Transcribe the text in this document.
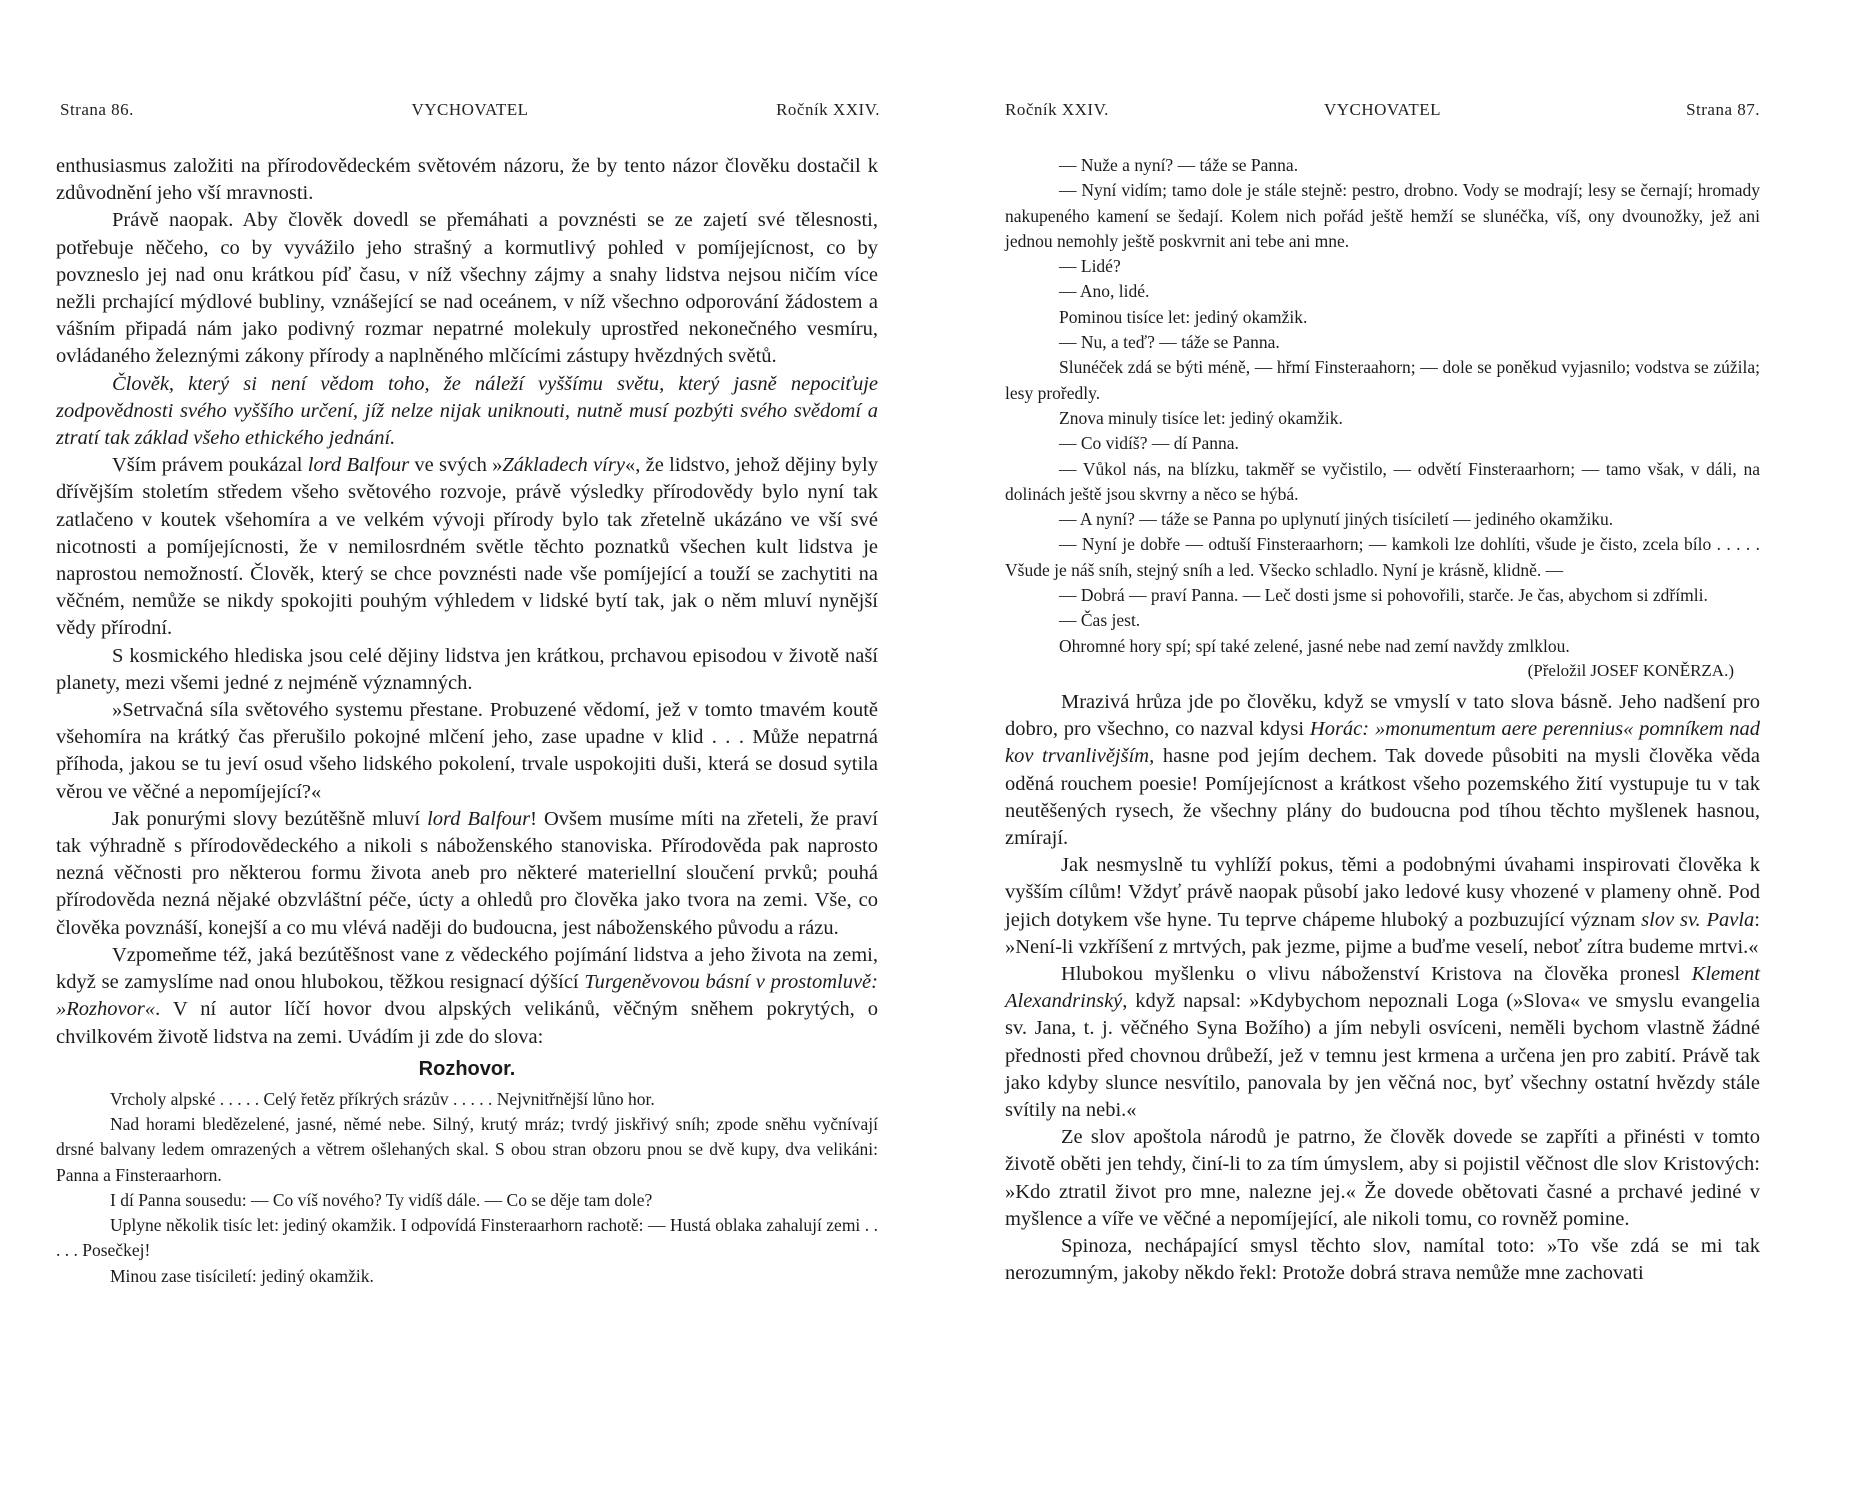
Strana 86.	VYCHOVATEL	Ročník XXIV.

enthusiasmus založiti na přírodovědeckém světovém názoru, že by tento názor člověku dostačil k zdůvodnění jeho vší mravnosti.

Právě naopak. Aby člověk dovedl se přemáhati a povznésti se ze zajetí své tělesnosti, potřebuje něčeho, co by vyvážilo jeho strašný a kormutlivý pohled v pomíjejícnost, co by povzneslo jej nad onu krátkou píď času, v níž všechny zájmy a snahy lidstva nejsou ničím více nežli prchající mýdlové bubliny, vznášející se nad oceánem, v níž všechno odporování žádostem a vášním připadá nám jako podivný rozmar nepatrné molekuly uprostřed nekonečného vesmíru, ovládaného železnými zákony přírody a naplněného mlčícími zástupy hvězdných světů.

Člověk, který si není vědom toho, že náleží vyššímu světu, který jasně nepociťuje zodpovědnosti svého vyššího určení, jíž nelze nijak uniknouti, nutně musí pozbýti svého svědomí a ztratí tak základ všeho ethického jednání.

Vším právem poukázal lord Balfour ve svých »Základech víry«, že lidstvo, jehož dějiny byly dřívějším stoletím středem všeho světového rozvoje, právě výsledky přírodovědy bylo nyní tak zatlačeno v koutek všehomíra a ve velkém vývoji přírody bylo tak zřetelně ukázáno ve vší své nicotnosti a pomíjejícnosti, že v nemilosrdném světle těchto poznatků všechen kult lidstva je naprostou nemožností. Člověk, který se chce povznésti nade vše pomíjející a touží se zachytiti na věčném, nemůže se nikdy spokojiti pouhým výhledem v lidské bytí tak, jak o něm mluví nynější vědy přírodní.

S kosmického hlediska jsou celé dějiny lidstva jen krátkou, prchavou episodou v životě naší planety, mezi všemi jedné z nejméně významných.

»Setrvačná síla světového systemu přestane. Probuzené vědomí, jež v tomto tmavém koutě všehomíra na krátký čas přerušilo pokojné mlčení jeho, zase upadne v klid . . . Může nepatrná příhoda, jakou se tu jeví osud všeho lidského pokolení, trvale uspokojiti duši, která se dosud sytila věrou ve věčné a nepomíjející?«

Jak ponurými slovy bezútěšně mluví lord Balfour! Ovšem musíme míti na zřeteli, že praví tak výhradně s přírodovědeckého a nikoli s náboženského stanoviska. Přírodověda pak naprosto nezná věčnosti pro některou formu života aneb pro některé materiellní sloučení prvků; pouhá přírodověda nezná nějaké obzvláštní péče, úcty a ohledů pro člověka jako tvora na zemi. Vše, co člověka povznáší, konejší a co mu vlévá naději do budoucna, jest náboženského původu a rázu.

Vzpomeňme též, jaká bezútěšnost vane z vědeckého pojímání lidstva a jeho života na zemi, když se zamyslíme nad onou hlubokou, těžkou resignací dýšící Turgeněvovou básní v prostomluvě: »Rozhovor«. V ní autor líčí hovor dvou alpských velikánů, věčným sněhem pokrytých, o chvilkovém životě lidstva na zemi. Uvádím ji zde do slova:

Rozhovor.

Vrcholy alpské . . . . . Celý řetěz příkrých srázův . . . . . Nejvnitřnější lůno hor.

Nad horami bledězelené, jasné, němé nebe. Silný, krutý mráz; tvrdý jiskřivý sníh; zpode sněhu vyčnívají drsné balvany ledem omrazených a větrem ošlehaných skal. S obou stran obzoru pnou se dvě kupy, dva velikáni: Panna a Finsteraarhorn.

I dí Panna sousedu: — Co víš nového? Ty vidíš dále. — Co se děje tam dole?

Uplyne několik tisíc let: jediný okamžik. I odpovídá Finsteraarhorn rachotě: — Hustá oblaka zahalují zemi . . . . . Posečkej!

Minou zase tisíciletí: jediný okamžik.

Ročník XXIV.	VYCHOVATEL	Strana 87.

— Nuže a nyní? — táže se Panna.

— Nyní vidím; tamo dole je stále stejně: pestro, drobno. Vody se modrají; lesy se černají; hromady nakupeného kamení se šedají. Kolem nich pořád ještě hemží se slunéčka, víš, ony dvounožky, jež ani jednou nemohly ještě poskvrnit ani tebe ani mne.

— Lidé?

— Ano, lidé.

Pominou tisíce let: jediný okamžik.

— Nu, a teď? — táže se Panna.

Slunéček zdá se býti méně, — hřmí Finsteraahorn; — dole se poněkud vyjasnilo; vodstva se zúžila; lesy proředly.

Znova minuly tisíce let: jediný okamžik.

— Co vidíš? — dí Panna.

— Vůkol nás, na blízku, takměř se vyčistilo, — odvětí Finsteraarhorn; — tamo však, v dáli, na dolinách ještě jsou skvrny a něco se hýbá.

— A nyní? — táže se Panna po uplynutí jiných tisíciletí — jediného okamžiku.

— Nyní je dobře — odtuší Finsteraarhorn; — kamkoli lze dohlíti, všude je čisto, zcela bílo . . . . . Všude je náš sníh, stejný sníh a led. Všecko schladlo. Nyní je krásně, klidně. —

— Dobrá — praví Panna. — Leč dosti jsme si pohovořili, starče. Je čas, abychom si zdřímli.

— Čas jest.

Ohromné hory spí; spí také zelené, jasné nebe nad zemí navždy zmlklou.

(Přeložil JOSEF KONĚRZA.)

Mrazivá hrůza jde po člověku, když se vmyslí v tato slova básně. Jeho nadšení pro dobro, pro všechno, co nazval kdysi Horác: »monumentum aere perennius« pomníkem nad kov trvanlivějším, hasne pod jejím dechem. Tak dovede působiti na mysli člověka věda oděná rouchem poesie! Pomíjejícnost a krátkost všeho pozemského žití vystupuje tu v tak neutěšených rysech, že všechny plány do budoucna pod tíhou těchto myšlenek hasnou, zmírají.

Jak nesmyslně tu vyhlíží pokus, těmi a podobnými úvahami inspirovati člověka k vyšším cílům! Vždyť právě naopak působí jako ledové kusy vhozené v plameny ohně. Pod jejich dotykem vše hyne. Tu teprve chápeme hluboký a pozbuzující význam slov sv. Pavla: »Není-li vzkříšení z mrtvých, pak jezme, pijme a buďme veselí, neboť zítra budeme mrtvi.«

Hlubokou myšlenku o vlivu náboženství Kristova na člověka pronesl Klement Alexandrinský, když napsal: »Kdybychom nepoznali Loga (»Slova« ve smyslu evangelia sv. Jana, t. j. věčného Syna Božího) a jím nebyli osvíceni, neměli bychom vlastně žádné přednosti před chovnou drůbeží, jež v temnu jest krmena a určena jen pro zabití. Právě tak jako kdyby slunce nesvítilo, panovala by jen věčná noc, byť všechny ostatní hvězdy stále svítily na nebi.«

Ze slov apoštola národů je patrno, že člověk dovede se zapříti a přinésti v tomto životě oběti jen tehdy, činí-li to za tím úmyslem, aby si pojistil věčnost dle slov Kristových: »Kdo ztratil život pro mne, nalezne jej.« Že dovede obětovati časné a prchavé jediné v myšlence a víře ve věčné a nepomíjející, ale nikoli tomu, co rovněž pomine.

Spinoza, nechápající smysl těchto slov, namítal toto: »To vše zdá se mi tak nerozumným, jakoby někdo řekl: Protože dobrá strava nemůže mne zachovati
